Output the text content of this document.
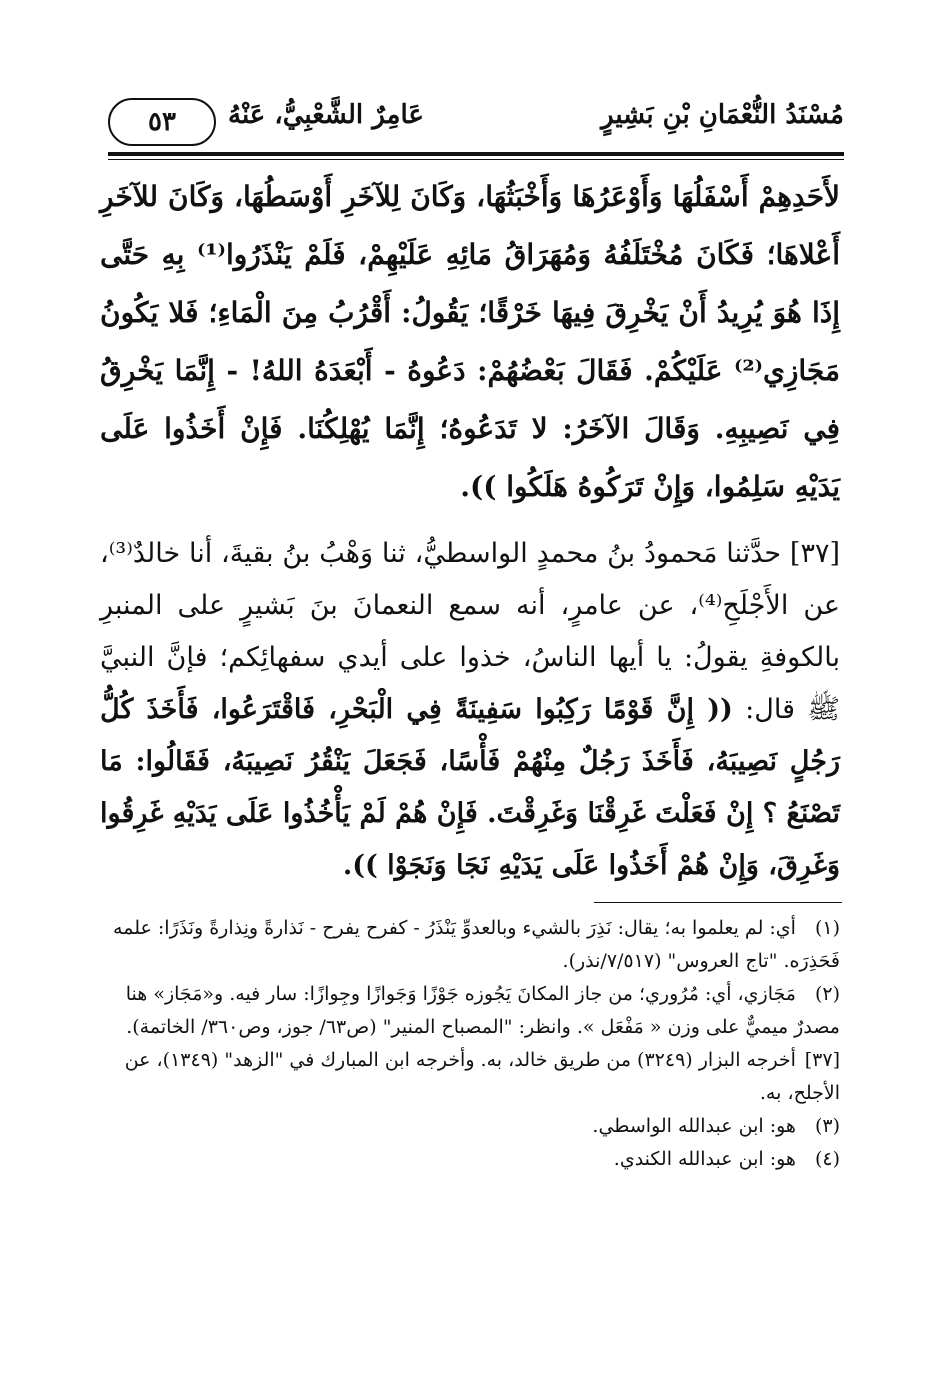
مُسْنَدُ النُّعْمَانِ بْنِ بَشِيرٍ
عَامِرٌ الشَّعْبِيُّ، عَنْهُ
٥٣

لأَحَدِهِمْ أَسْفَلُهَا وَأَوْعَرُهَا وَأَخْبَثُهَا، وَكَانَ لِلآخَرِ أَوْسَطُهَا، وَكَانَ للآخَرِ أَعْلاهَا؛ فَكَانَ مُخْتَلَفُهُ وَمُهَرَاقُ مَائِهِ عَلَيْهِمْ، فَلَمْ يَنْذَرُوا⁽¹⁾ بِهِ حَتَّى إِذَا هُوَ يُرِيدُ أَنْ يَخْرِقَ فِيهَا خَرْقًا؛ يَقُولُ: أَقْرُبُ مِنَ الْمَاءِ؛ فَلا يَكُونُ مَجَازِي⁽²⁾ عَلَيْكُمْ. فَقَالَ بَعْضُهُمْ: دَعُوهُ - أَبْعَدَهُ اللهُ! - إِنَّمَا يَخْرِقُ فِي نَصِيبِهِ. وَقَالَ الآخَرُ: لا تَدَعُوهُ؛ إِنَّمَا يُهْلِكُنَا. فَإِنْ أَخَذُوا عَلَى يَدَيْهِ سَلِمُوا، وَإِنْ تَرَكُوهُ هَلَكُوا )).

[٣٧] حدَّثنا مَحمودُ بنُ محمدٍ الواسطيُّ، ثنا وَهْبُ بنُ بقيةَ، أنا خالدٌ⁽³⁾، عن الأَجْلَحِ⁽⁴⁾، عن عامرٍ، أنه سمع النعمانَ بنَ بَشيرٍ على المنبرِ بالكوفةِ يقولُ: يا أيها الناسُ، خذوا على أيدي سفهائِكم؛ فإنَّ النبيَّ ﷺ قال: (( إِنَّ قَوْمًا رَكِبُوا سَفِينَةً فِي الْبَحْرِ، فَاقْتَرَعُوا، فَأَخَذَ كُلُّ رَجُلٍ نَصِيبَهُ، فَأَخَذَ رَجُلٌ مِنْهُمْ فَأْسًا، فَجَعَلَ يَنْقُرُ نَصِيبَهُ، فَقَالُوا: مَا تَصْنَعُ ؟ إِنْ فَعَلْتَ غَرِقْنَا وَغَرِقْتَ. فَإِنْ هُمْ لَمْ يَأْخُذُوا عَلَى يَدَيْهِ غَرِقُوا وَغَرِقَ، وَإِنْ هُمْ أَخَذُوا عَلَى يَدَيْهِ نَجَا وَنَجَوْا )).

(١) أي: لم يعلموا به؛ يقال: نَذِرَ بالشيء وبالعدوِّ يَنْذَرُ - كفرح يفرح - نَذارةً ونِذارةً ونَذَرًا: علمه فَحَذِرَه. "تاج العروس" (٧/٥١٧/نذر).

(٢) مَجَازي، أي: مُرُوري؛ من جاز المكانَ يَجُوزه جَوْزًا وَجَوازًا وجِوازًا: سار فيه. و«مَجَاز» هنا مصدرٌ ميميٌّ على وزن « مَفْعَل ». وانظر: "المصباح المنير" (ص٦٣/ جوز، وص٣٦٠/ الخاتمة).

[٣٧] أخرجه البزار (٣٢٤٩) من طريق خالد، به. وأخرجه ابن المبارك في "الزهد" (١٣٤٩)، عن الأجلح، به.

(٣) هو: ابن عبدالله الواسطي.

(٤) هو: ابن عبدالله الكندي.
